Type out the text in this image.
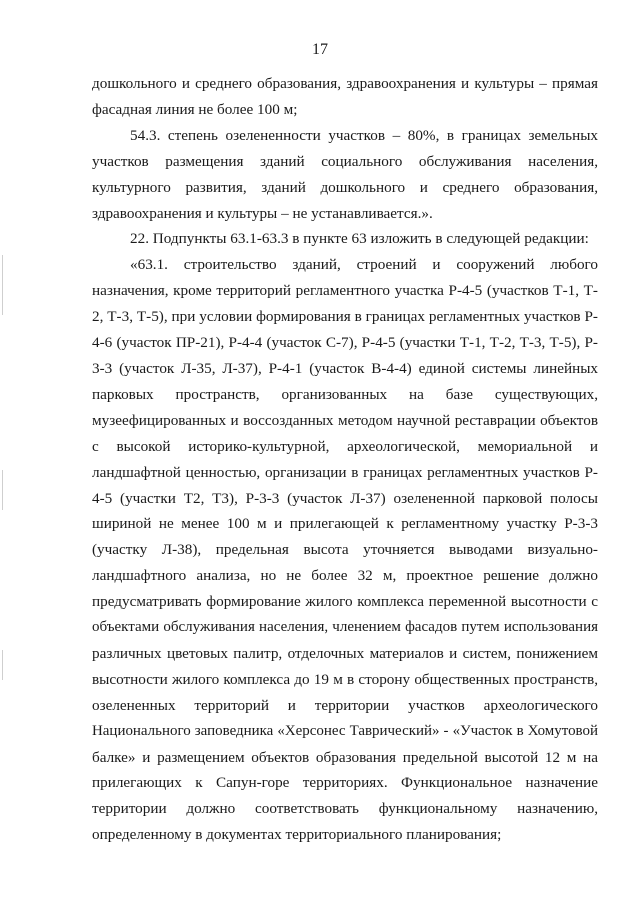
17
дошкольного и среднего образования, здравоохранения и культуры – прямая
фасадная линия не более 100 м;
54.3. степень озелененности участков – 80%, в границах земельных
участков размещения зданий социального обслуживания населения,
культурного развития, зданий дошкольного и среднего образования,
здравоохранения и культуры – не устанавливается.».
22. Подпункты 63.1-63.3 в пункте 63 изложить в следующей редакции:
«63.1. строительство зданий, строений и сооружений любого
назначения, кроме территорий регламентного участка Р-4-5 (участков Т-1, Т-
2, Т-3, Т-5), при условии формирования в границах регламентных участков Р-
4-6 (участок ПР-21), Р-4-4 (участок С-7), Р-4-5 (участки Т-1, Т-2, Т-3, Т-5), Р-
3-3 (участок Л-35, Л-37), Р-4-1 (участок В-4-4) единой системы линейных
парковых пространств, организованных на базе существующих,
музеефицированных и воссозданных методом научной реставрации объектов
с высокой историко-культурной, археологической, мемориальной и
ландшафтной ценностью, организации в границах регламентных участков Р-
4-5 (участки Т2, Т3), Р-3-3 (участок Л-37) озелененной парковой полосы
шириной не менее 100 м и прилегающей к регламентному участку Р-3-3
(участку Л-38), предельная высота уточняется выводами визуально-
ландшафтного анализа, но не более 32 м, проектное решение должно
предусматривать формирование жилого комплекса переменной высотности с
объектами обслуживания населения, членением фасадов путем использования
различных цветовых палитр, отделочных материалов и систем, понижением
высотности жилого комплекса до 19 м в сторону общественных пространств,
озелененных территорий и территории участков археологического
Национального заповедника «Херсонес Таврический» - «Участок в Хомутовой
балке» и размещением объектов образования предельной высотой 12 м на
прилегающих к Сапун-горе территориях. Функциональное назначение
территории должно соответствовать функциональному назначению,
определенному в документах территориального планирования;
